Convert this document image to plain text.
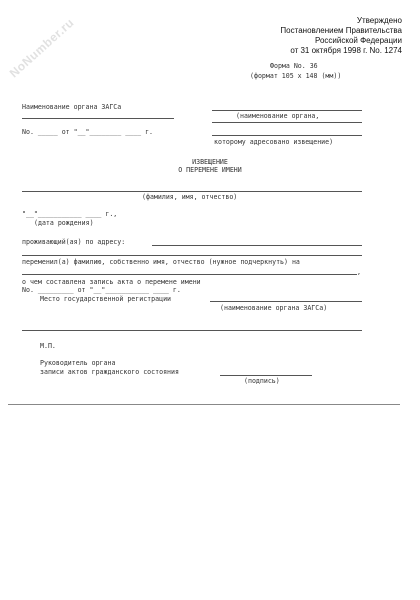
NoNumber.ru	Утверждено
Постановлением Правительства
Российской Федерации
от 31 октября 1998 г. No. 1274
Форма No. 36
(формат 105 x 148 (мм))
Наименование органа ЗАГСа
(наименование органа,
No. _____ от "__"________ ____ г.
которому адресовано извещение)
ИЗВЕЩЕНИЕ
О ПЕРЕМЕНЕ ИМЕНИ
(фамилия, имя, отчество)
"__"___________ ____ г.,
(дата рождения)
проживающий(ая) по адресу:
переменил(а) фамилию, собственно имя, отчество (нужное подчеркнуть) на
,
о чем составлена запись акта о перемене имени
No. _________ от "__"___________ ____ г.
Место государственной регистрации
(наименование органа ЗАГСа)
М.П.
Руководитель органа
записи актов гражданского состояния
(подпись)
